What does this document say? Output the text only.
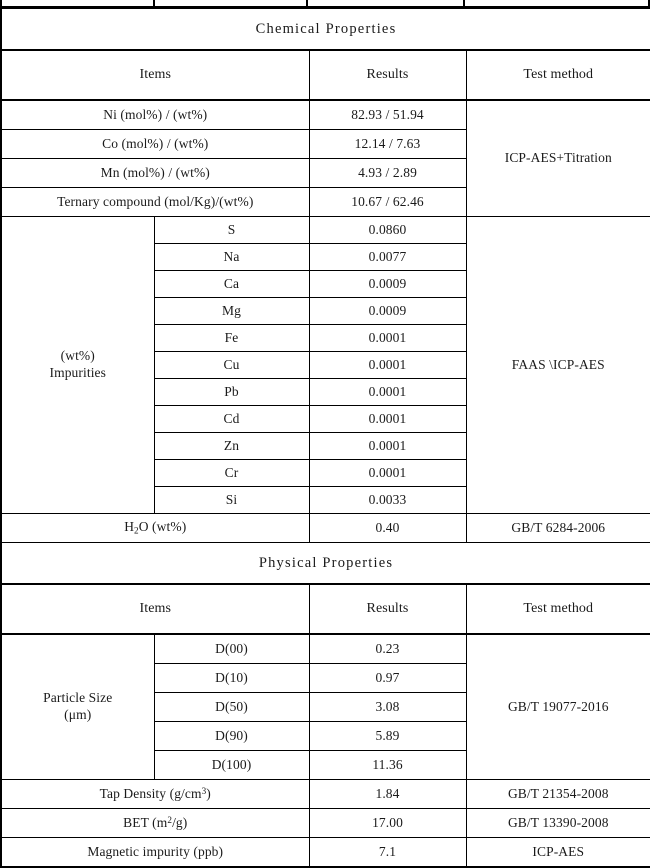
Chemical Properties			
Items		Results	Test method
Ni (mol%) / (wt%)		82.93 / 51.94	ICP-AES+Titration
Co (mol%) / (wt%)		12.14 / 7.63	
Mn (mol%) / (wt%)		4.93 / 2.89	
Ternary compound (mol/Kg)/(wt%)		10.67 / 62.46	
(wt%)
Impurities	S	0.0860	FAAS \ICP-AES
	Na	0.0077	
	Ca	0.0009	
	Mg	0.0009	
	Fe	0.0001	
	Cu	0.0001	
	Pb	0.0001	
	Cd	0.0001	
	Zn	0.0001	
	Cr	0.0001	
	Si	0.0033	
$H_2O$ (wt%)		0.40	GB/T 6284-2006
Physical Properties			
Items		Results	Test method
Particle Size
(μm)	D(00)	0.23	GB/T 19077-2016
	D(10)	0.97	
	D(50)	3.08	
	D(90)	5.89	
	D(100)	11.36	
Tap Density $(g/cm^3)$		1.84	GB/T 21354-2008
BET $(m^2/g)$		17.00	GB/T 13390-2008
Magnetic impurity (ppb)		7.1	ICP-AES
